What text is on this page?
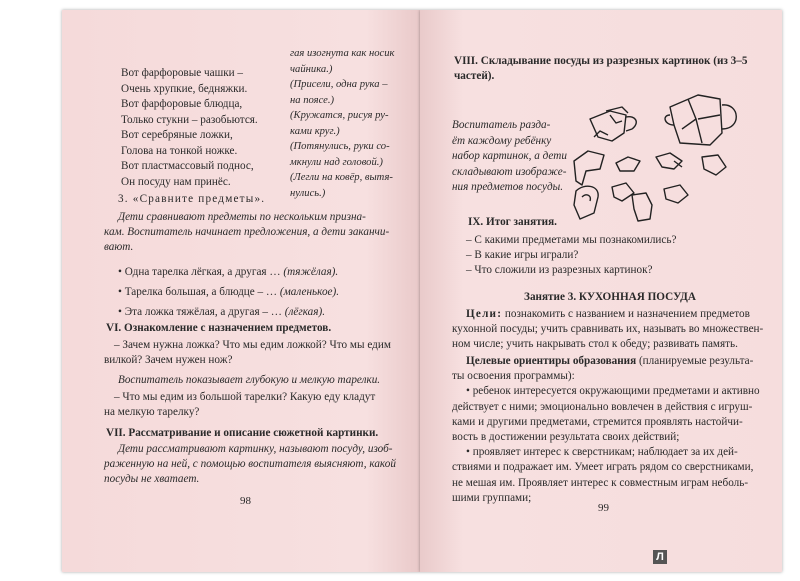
Вот фарфоровые чашки –
Очень хрупкие, бедняжки.
Вот фарфоровые блюдца,
Только стукни – разобьются.
Вот серебряные ложки,
Голова на тонкой ножке.
Вот пластмассовый поднос,
Он посуду нам принёс.
гая изогнута как носик
чайника.)
(Присели, одна рука –
на поясе.)
(Кружатся, рисуя ру-
ками круг.)
(Потянулись, руки со-
мкнули над головой.)
(Легли на ковёр, вытя-
нулись.)
3. «Сравните предметы».
Дети сравнивают предметы по нескольким призна-
кам. Воспитатель начинает предложения, а дети заканчи-
вают.
• Одна тарелка лёгкая, а другая … (тяжёлая).
• Тарелка большая, а блюдце – … (маленькое).
• Эта ложка тяжёлая, а другая – … (лёгкая).
VI. Ознакомление с назначением предметов.
– Зачем нужна ложка? Что мы едим ложкой? Что мы едим
вилкой? Зачем нужен нож?
Воспитатель показывает глубокую и мелкую тарелки.
– Что мы едим из большой тарелки? Какую еду кладут
на мелкую тарелку?
VII. Рассматривание и описание сюжетной картинки.
Дети рассматривают картинку, называют посуду, изоб-
раженную на ней, с помощью воспитателя выясняют, какой
посуды не хватает.
98
VIII. Складывание посуды из разрезных картинок (из 3–5
частей).
Воспитатель разда-
ёт каждому ребёнку
набор картинок, а дети
складывают изображе-
ния предметов посуды.
IX. Итог занятия.
– С какими предметами мы познакомились?
– В какие игры играли?
– Что сложили из разрезных картинок?
Занятие 3. КУХОННАЯ ПОСУДА
Цели: познакомить с названием и назначением предметов
кухонной посуды; учить сравнивать их, называть во множествен-
ном числе; учить накрывать стол к обеду; развивать память.
Целевые ориентиры образования (планируемые результа-
ты освоения программы):
• ребенок интересуется окружающими предметами и активно
действует с ними; эмоционально вовлечен в действия с игруш-
ками и другими предметами, стремится проявлять настойчи-
вость в достижении результата своих действий;
• проявляет интерес к сверстникам; наблюдает за их дей-
ствиями и подражает им. Умеет играть рядом со сверстниками,
не мешая им. Проявляет интерес к совместным играм неболь-
шими группами;
99
Л
